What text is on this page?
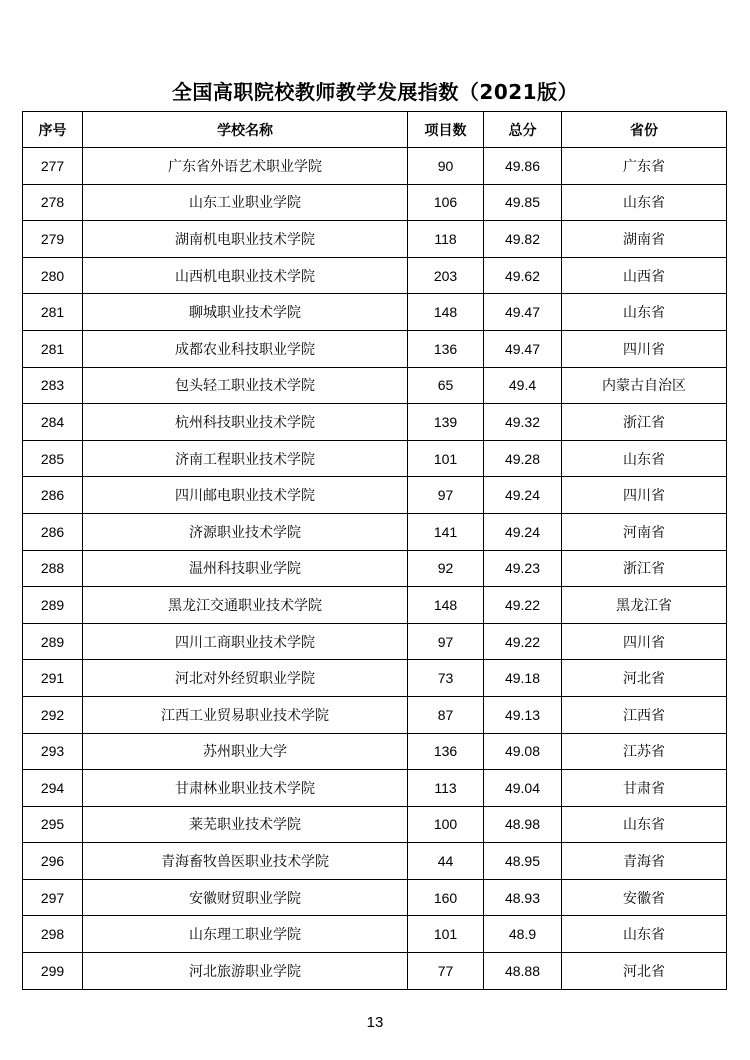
全国高职院校教师教学发展指数（2021版）
序号	学校名称	项目数	总分	省份
277	广东省外语艺术职业学院	90	49.86	广东省
278	山东工业职业学院	106	49.85	山东省
279	湖南机电职业技术学院	118	49.82	湖南省
280	山西机电职业技术学院	203	49.62	山西省
281	聊城职业技术学院	148	49.47	山东省
281	成都农业科技职业学院	136	49.47	四川省
283	包头轻工职业技术学院	65	49.4	内蒙古自治区
284	杭州科技职业技术学院	139	49.32	浙江省
285	济南工程职业技术学院	101	49.28	山东省
286	四川邮电职业技术学院	97	49.24	四川省
286	济源职业技术学院	141	49.24	河南省
288	温州科技职业学院	92	49.23	浙江省
289	黑龙江交通职业技术学院	148	49.22	黑龙江省
289	四川工商职业技术学院	97	49.22	四川省
291	河北对外经贸职业学院	73	49.18	河北省
292	江西工业贸易职业技术学院	87	49.13	江西省
293	苏州职业大学	136	49.08	江苏省
294	甘肃林业职业技术学院	113	49.04	甘肃省
295	莱芜职业技术学院	100	48.98	山东省
296	青海畜牧兽医职业技术学院	44	48.95	青海省
297	安徽财贸职业学院	160	48.93	安徽省
298	山东理工职业学院	101	48.9	山东省
299	河北旅游职业学院	77	48.88	河北省
13
